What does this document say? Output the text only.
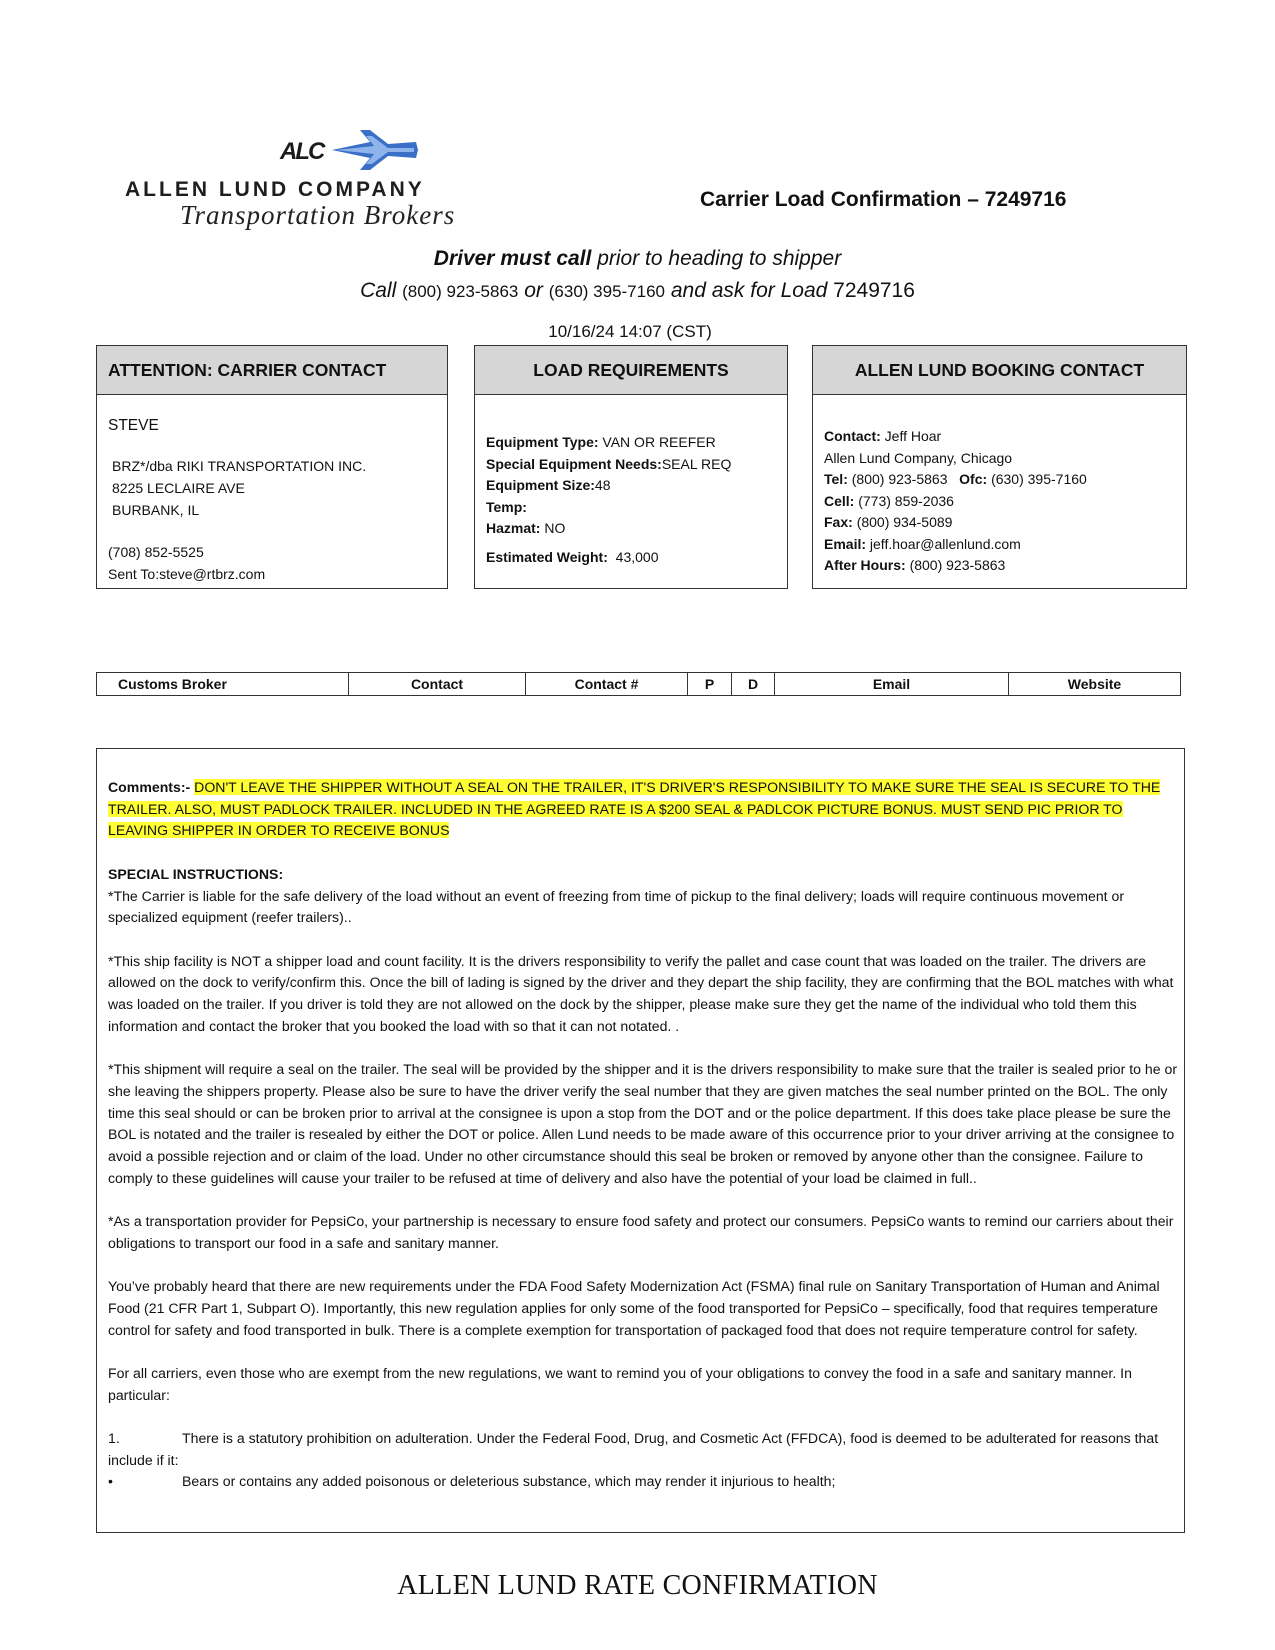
ALC
ALLEN LUND COMPANY
Transportation Brokers
Carrier Load Confirmation – 7249716
Driver must call prior to heading to shipper
Call (800) 923-5863 or (630) 395-7160 and ask for Load 7249716
10/16/24 14:07 (CST)
ATTENTION: CARRIER CONTACT
STEVE
BRZ*/dba RIKI TRANSPORTATION INC.
8225 LECLAIRE AVE
BURBANK, IL
(708) 852-5525
Sent To:steve@rtbrz.com
LOAD REQUIREMENTS
Equipment Type: VAN OR REEFER
Special Equipment Needs:SEAL REQ
Equipment Size:48
Temp:
Hazmat: NO
Estimated Weight: 43,000
ALLEN LUND BOOKING CONTACT
Contact: Jeff Hoar
Allen Lund Company, Chicago
Tel: (800) 923-5863 Ofc: (630) 395-7160
Cell: (773) 859-2036
Fax: (800) 934-5089
Email: jeff.hoar@allenlund.com
After Hours: (800) 923-5863
Customs Broker	Contact	Contact #	P	D	Email	Website

Comments:- DON'T LEAVE THE SHIPPER WITHOUT A SEAL ON THE TRAILER, IT'S DRIVER'S RESPONSIBILITY TO MAKE SURE THE SEAL IS SECURE TO THE TRAILER. ALSO, MUST PADLOCK TRAILER. INCLUDED IN THE AGREED RATE IS A $200 SEAL & PADLCOK PICTURE BONUS. MUST SEND PIC PRIOR TO LEAVING SHIPPER IN ORDER TO RECEIVE BONUS

SPECIAL INSTRUCTIONS:

*The Carrier is liable for the safe delivery of the load without an event of freezing from time of pickup to the final delivery; loads will require continuous movement or specialized equipment (reefer trailers)..

*This ship facility is NOT a shipper load and count facility. It is the drivers responsibility to verify the pallet and case count that was loaded on the trailer. The drivers are allowed on the dock to verify/confirm this. Once the bill of lading is signed by the driver and they depart the ship facility, they are confirming that the BOL matches with what was loaded on the trailer. If you driver is told they are not allowed on the dock by the shipper, please make sure they get the name of the individual who told them this information and contact the broker that you booked the load with so that it can not notated. .

*This shipment will require a seal on the trailer. The seal will be provided by the shipper and it is the drivers responsibility to make sure that the trailer is sealed prior to he or she leaving the shippers property. Please also be sure to have the driver verify the seal number that they are given matches the seal number printed on the BOL. The only time this seal should or can be broken prior to arrival at the consignee is upon a stop from the DOT and or the police department. If this does take place please be sure the BOL is notated and the trailer is resealed by either the DOT or police. Allen Lund needs to be made aware of this occurrence prior to your driver arriving at the consignee to avoid a possible rejection and or claim of the load. Under no other circumstance should this seal be broken or removed by anyone other than the consignee. Failure to comply to these guidelines will cause your trailer to be refused at time of delivery and also have the potential of your load be claimed in full..

*As a transportation provider for PepsiCo, your partnership is necessary to ensure food safety and protect our consumers. PepsiCo wants to remind our carriers about their obligations to transport our food in a safe and sanitary manner.

You’ve probably heard that there are new requirements under the FDA Food Safety Modernization Act (FSMA) final rule on Sanitary Transportation of Human and Animal Food (21 CFR Part 1, Subpart O). Importantly, this new regulation applies for only some of the food transported for PepsiCo – specifically, food that requires temperature control for safety and food transported in bulk. There is a complete exemption for transportation of packaged food that does not require temperature control for safety.

For all carriers, even those who are exempt from the new regulations, we want to remind you of your obligations to convey the food in a safe and sanitary manner. In particular:

1.	There is a statutory prohibition on adulteration. Under the Federal Food, Drug, and Cosmetic Act (FFDCA), food is deemed to be adulterated for reasons that include if it:
•	Bears or contains any added poisonous or deleterious substance, which may render it injurious to health;
ALLEN LUND RATE CONFIRMATION
